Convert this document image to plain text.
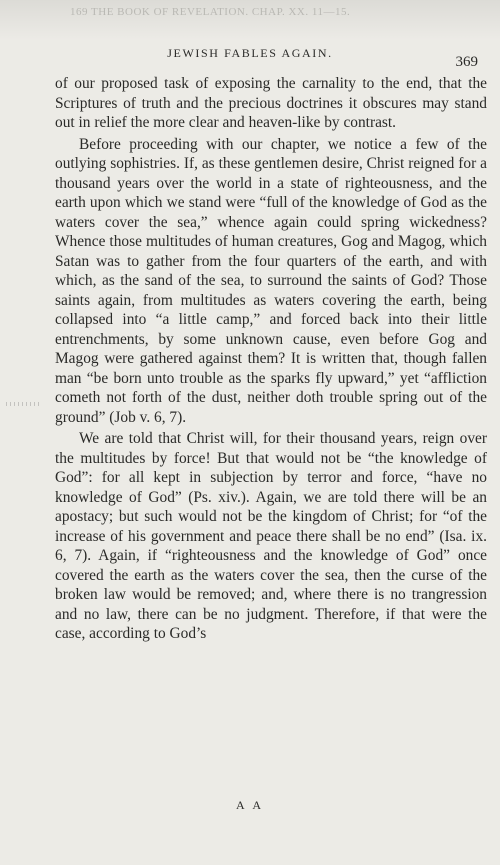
169 THE BOOK OF REVELATION. CHAP. XX. 11—15.
JEWISH FABLES AGAIN.
369

of our proposed task of exposing the carnality to the end, that the Scriptures of truth and the precious doctrines it obscures may stand out in relief the more clear and heaven-like by contrast.

Before proceeding with our chapter, we notice a few of the outlying sophistries. If, as these gentlemen desire, Christ reigned for a thousand years over the world in a state of righteousness, and the earth upon which we stand were “full of the knowledge of God as the waters cover the sea,” whence again could spring wickedness? Whence those multitudes of human creatures, Gog and Magog, which Satan was to gather from the four quarters of the earth, and with which, as the sand of the sea, to surround the saints of God? Those saints again, from multitudes as waters covering the earth, being collapsed into “a little camp,” and forced back into their little entrenchments, by some unknown cause, even before Gog and Magog were gathered against them? It is written that, though fallen man “be born unto trouble as the sparks fly upward,” yet “affliction cometh not forth of the dust, neither doth trouble spring out of the ground” (Job v. 6, 7).

We are told that Christ will, for their thousand years, reign over the multitudes by force! But that would not be “the knowledge of God”: for all kept in subjection by terror and force, “have no knowledge of God” (Ps. xiv.). Again, we are told there will be an apostacy; but such would not be the kingdom of Christ; for “of the increase of his government and peace there shall be no end” (Isa. ix. 6, 7). Again, if “righteousness and the knowledge of God” once covered the earth as the waters cover the sea, then the curse of the broken law would be removed; and, where there is no trangression and no law, there can be no judgment. Therefore, if that were the case, according to God’s

A A
